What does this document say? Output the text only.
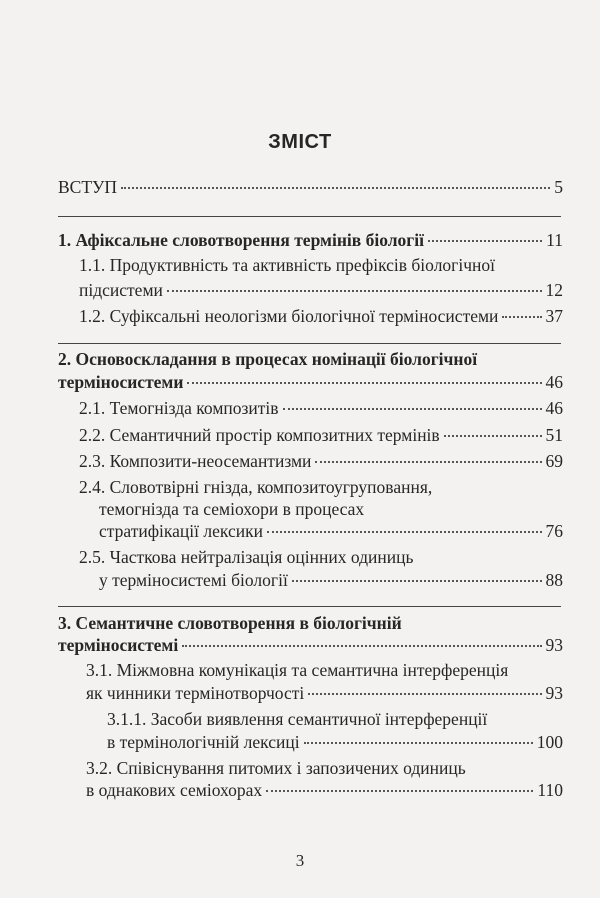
ЗМІСТ
ВСТУП	5
1. Афіксальне словотворення термінів біології	11
1.1. Продуктивність та активність префіксів біологічної
підсистеми	12
1.2. Суфіксальні неологізми біологічної терміносистеми	37
2. Основоскладання в процесах номінації біологічної
терміносистеми	46
2.1. Темогнізда композитів	46
2.2. Семантичний простір композитних термінів	51
2.3. Композити-неосемантизми	69
2.4. Словотвірні гнізда, композитоугруповання,
темогнізда та семіохори в процесах
стратифікації лексики	76
2.5. Часткова нейтралізація оцінних одиниць
у терміносистемі біології	88
3. Семантичне словотворення в біологічній
терміносистемі	93
3.1. Міжмовна комунікація та семантична інтерференція
як чинники термінотворчості	93
3.1.1. Засоби виявлення семантичної інтерференції
в термінологічній лексиці	100
3.2. Співіснування питомих і запозичених одиниць
в однакових семіохорах	110
3
